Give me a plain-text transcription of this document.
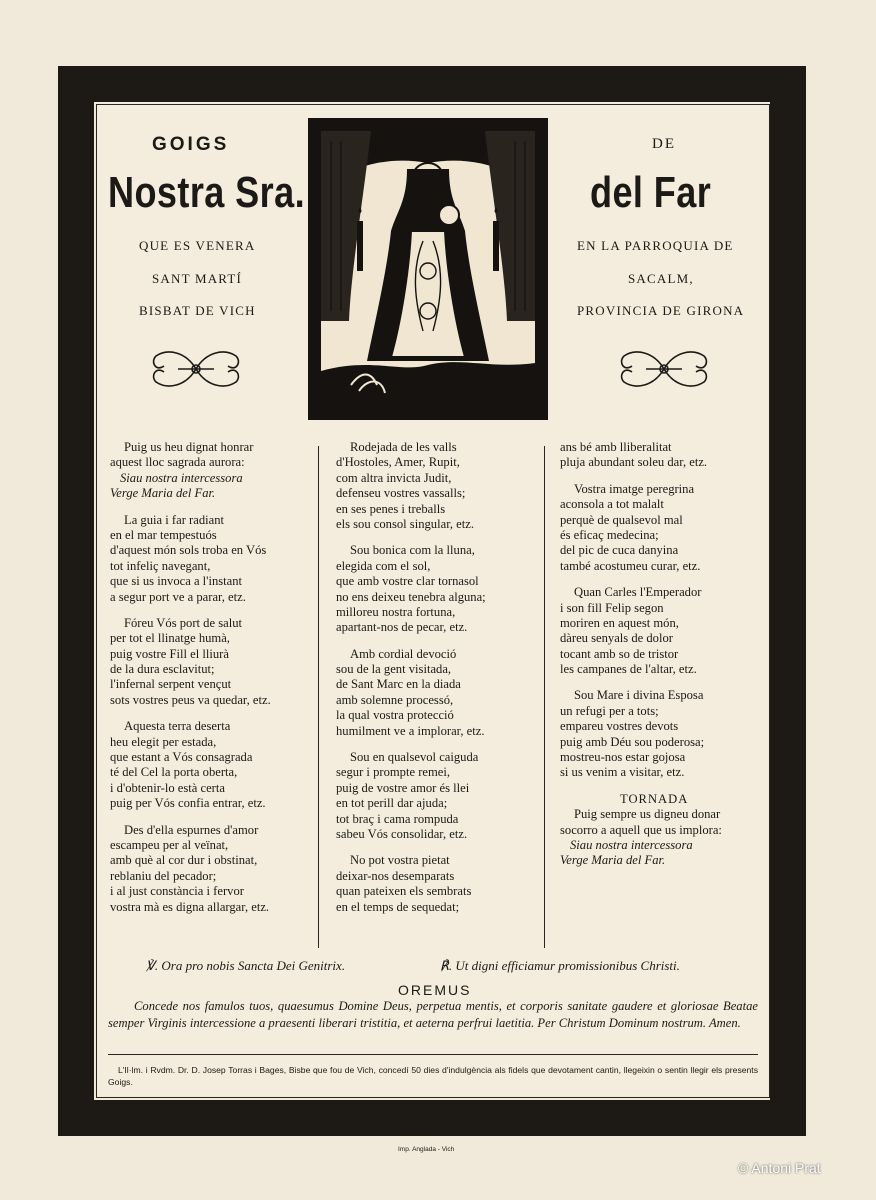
GOIGS	DE
Nostra Sra.	del Far
QUE ES VENERA
SANT MARTÍ
BISBAT DE VICH
EN LA PARROQUIA DE
SACALM,
PROVINCIA DE GIRONA
Puig us heu dignat honrar
aquest lloc sagrada aurora:
Siau nostra intercessora
Verge Maria del Far.
La guia i far radiant
en el mar tempestuós
d'aquest món sols troba en Vós
tot infeliç navegant,
que si us invoca a l'instant
a segur port ve a parar, etz.
Fóreu Vós port de salut
per tot el llinatge humà,
puig vostre Fill el lliurà
de la dura esclavitut;
l'infernal serpent vençut
sots vostres peus va quedar, etz.
Aquesta terra deserta
heu elegit per estada,
que estant a Vós consagrada
té del Cel la porta oberta,
i d'obtenir-lo està certa
puig per Vós confia entrar, etz.
Des d'ella espurnes d'amor
escampeu per al veïnat,
amb què al cor dur i obstinat,
reblaniu del pecador;
i al just constància i fervor
vostra mà es digna allargar, etz.
Rodejada de les valls
d'Hostoles, Amer, Rupit,
com altra invicta Judit,
defenseu vostres vassalls;
en ses penes i treballs
els sou consol singular, etz.
Sou bonica com la lluna,
elegida com el sol,
que amb vostre clar tornasol
no ens deixeu tenebra alguna;
milloreu nostra fortuna,
apartant-nos de pecar, etz.
Amb cordial devoció
sou de la gent visitada,
de Sant Marc en la diada
amb solemne processó,
la qual vostra protecció
humilment ve a implorar, etz.
Sou en qualsevol caiguda
segur i prompte remei,
puig de vostre amor és llei
en tot perill dar ajuda;
tot braç i cama rompuda
sabeu Vós consolidar, etz.
No pot vostra pietat
deixar-nos desemparats
quan pateixen els sembrats
en el temps de sequedat;
ans bé amb lliberalitat
pluja abundant soleu dar, etz.
Vostra imatge peregrina
aconsola a tot malalt
perquè de qualsevol mal
és eficaç medecina;
del pic de cuca danyina
també acostumeu curar, etz.
Quan Carles l'Emperador
i son fill Felip segon
moriren en aquest món,
dàreu senyals de dolor
tocant amb so de tristor
les campanes de l'altar, etz.
Sou Mare i divina Esposa
un refugi per a tots;
empareu vostres devots
puig amb Déu sou poderosa;
mostreu-nos estar gojosa
si us venim a visitar, etz.
TORNADA
Puig sempre us digneu donar
socorro a aquell que us implora:
Siau nostra intercessora
Verge Maria del Far.
℣. Ora pro nobis Sancta Dei Genitrix.	℟. Ut digni efficiamur promissionibus Christi.
OREMUS
Concede nos famulos tuos, quaesumus Domine Deus, perpetua mentis, et corporis sanitate gaudere et gloriosae Beatae semper Virginis intercessione a praesenti liberari tristitia, et aeterna perfrui laetitia. Per Christum Dominum nostrum. Amen.
L'Il·lm. i Rvdm. Dr. D. Josep Torras i Bages, Bisbe que fou de Vich, concedí 50 dies d'indulgència als fidels que devotament cantin, llegeixin o sentin llegir els presents Goigs.
Imp. Anglada - Vich
© Antoni Prat
